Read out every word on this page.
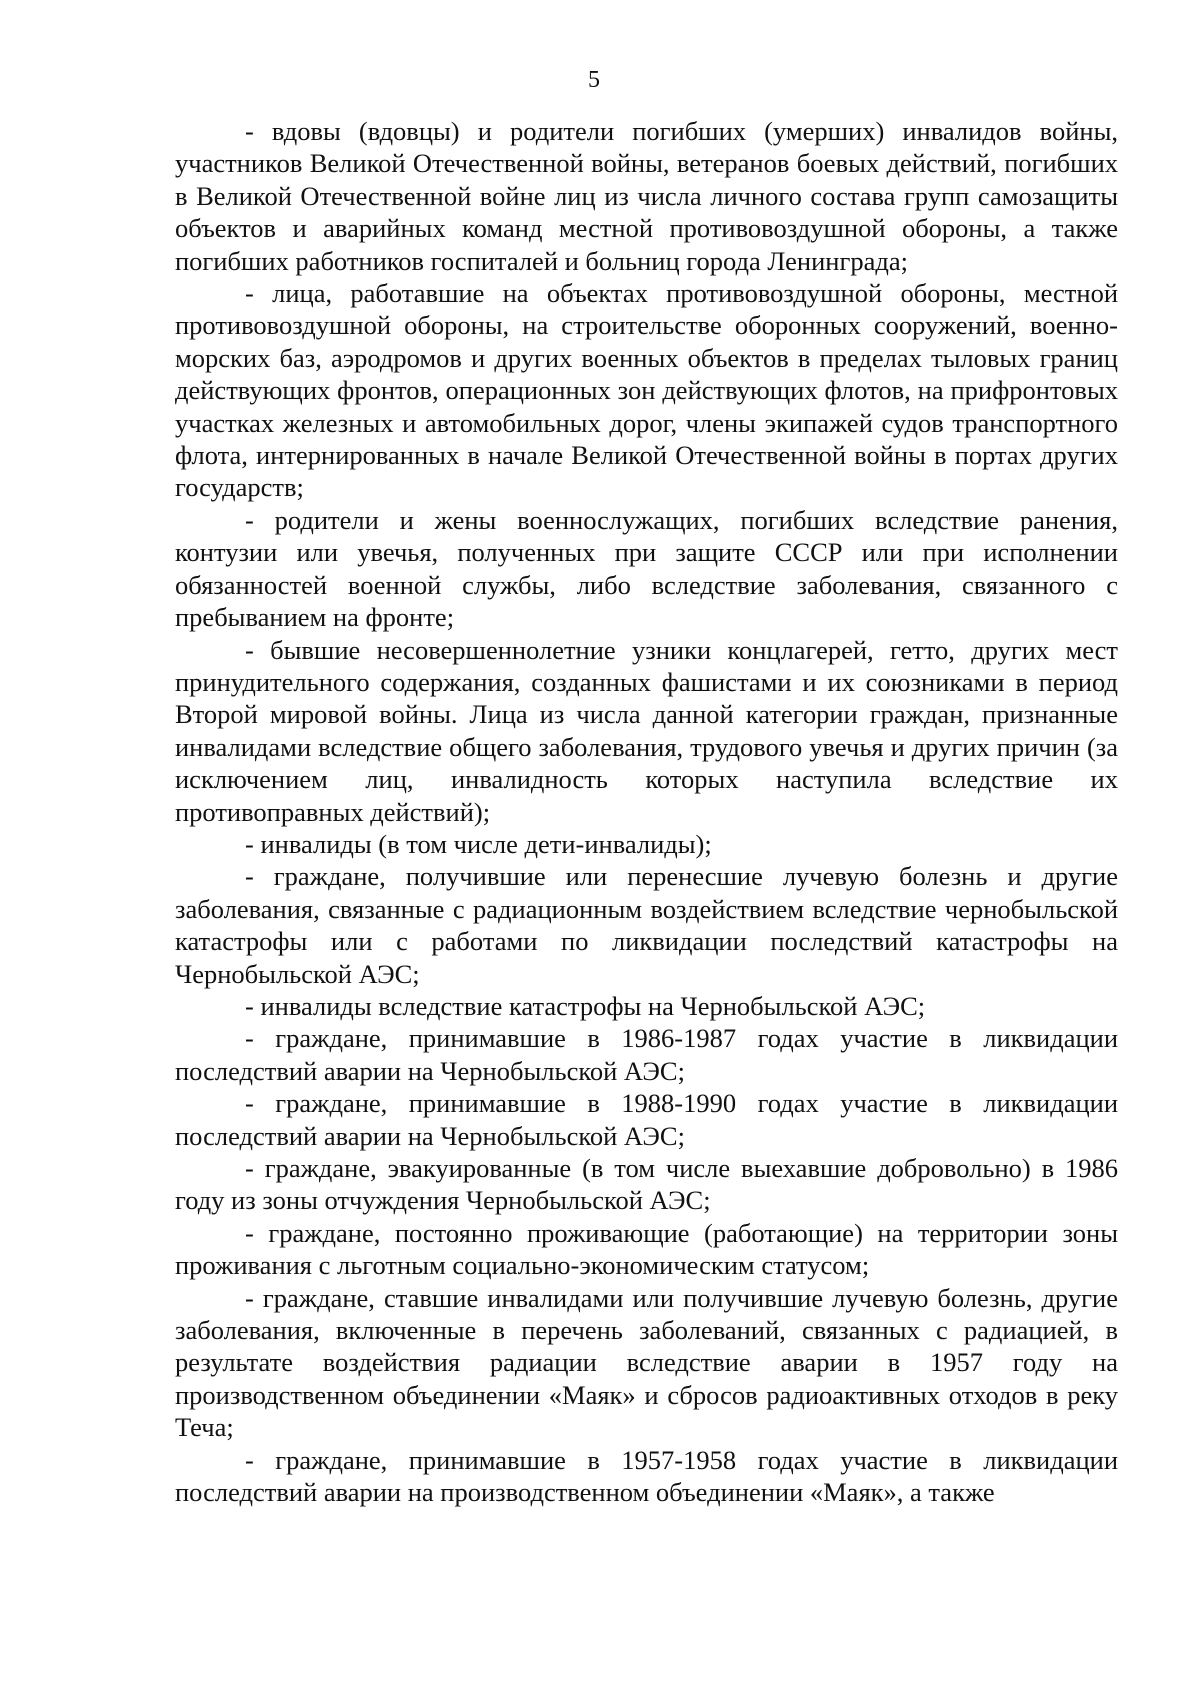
5

- вдовы (вдовцы) и родители погибших (умерших) инвалидов войны, участников Великой Отечественной войны, ветеранов боевых действий, погибших в Великой Отечественной войне лиц из числа личного состава групп самозащиты объектов и аварийных команд местной противовоздушной обороны, а также погибших работников госпиталей и больниц города Ленинграда;

- лица, работавшие на объектах противовоздушной обороны, местной противовоздушной обороны, на строительстве оборонных сооружений, военно-морских баз, аэродромов и других военных объектов в пределах тыловых границ действующих фронтов, операционных зон действующих флотов, на прифронтовых участках железных и автомобильных дорог, члены экипажей судов транспортного флота, интернированных в начале Великой Отечественной войны в портах других государств;

- родители и жены военнослужащих, погибших вследствие ранения, контузии или увечья, полученных при защите СССР или при исполнении обязанностей военной службы, либо вследствие заболевания, связанного с пребыванием на фронте;

- бывшие несовершеннолетние узники концлагерей, гетто, других мест принудительного содержания, созданных фашистами и их союзниками в период Второй мировой войны. Лица из числа данной категории граждан, признанные инвалидами вследствие общего заболевания, трудового увечья и других причин (за исключением лиц, инвалидность которых наступила вследствие их противоправных действий);

- инвалиды (в том числе дети-инвалиды);

- граждане, получившие или перенесшие лучевую болезнь и другие заболевания, связанные с радиационным воздействием вследствие чернобыльской катастрофы или с работами по ликвидации последствий катастрофы на Чернобыльской АЭС;

- инвалиды вследствие катастрофы на Чернобыльской АЭС;

- граждане, принимавшие в 1986-1987 годах участие в ликвидации последствий аварии на Чернобыльской АЭС;

- граждане, принимавшие в 1988-1990 годах участие в ликвидации последствий аварии на Чернобыльской АЭС;

- граждане, эвакуированные (в том числе выехавшие добровольно) в 1986 году из зоны отчуждения Чернобыльской АЭС;

- граждане, постоянно проживающие (работающие) на территории зоны проживания с льготным социально-экономическим статусом;

- граждане, ставшие инвалидами или получившие лучевую болезнь, другие заболевания, включенные в перечень заболеваний, связанных с радиацией, в результате воздействия радиации вследствие аварии в 1957 году на производственном объединении «Маяк» и сбросов радиоактивных отходов в реку Теча;

- граждане, принимавшие в 1957-1958 годах участие в ликвидации последствий аварии на производственном объединении «Маяк», а также
